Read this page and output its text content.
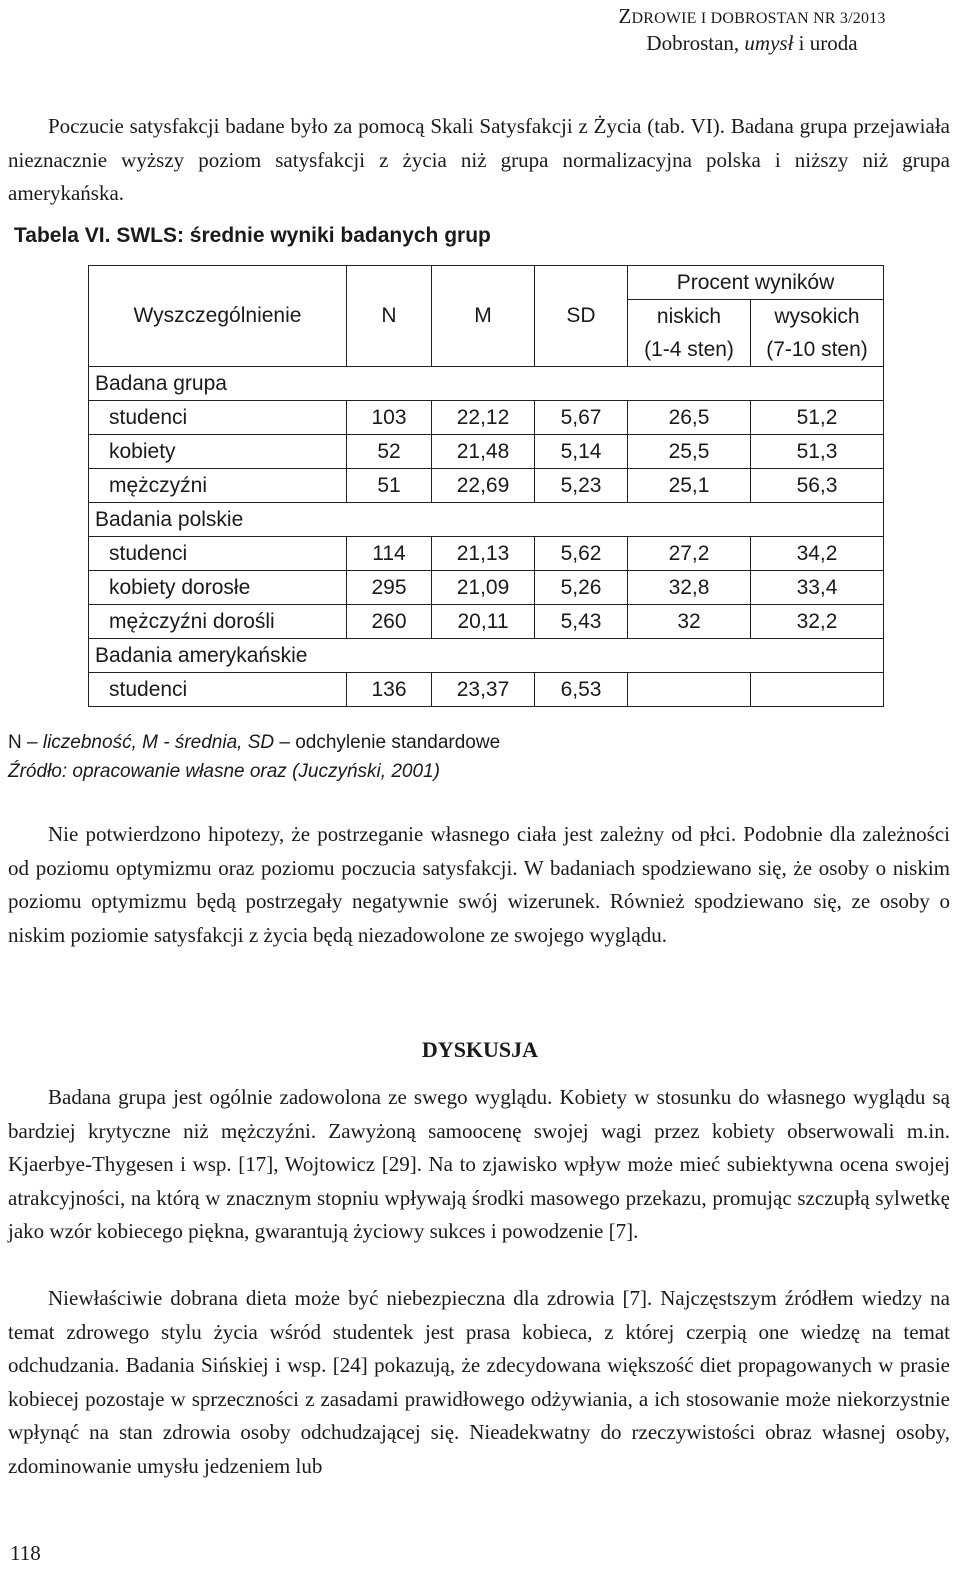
ZDROWIE I DOBROSTAN NR 3/2013
Dobrostan, umysł i uroda

Poczucie satysfakcji badane było za pomocą Skali Satysfakcji z Życia (tab. VI). Badana grupa przejawiała nieznacznie wyższy poziom satysfakcji z życia niż grupa normalizacyjna polska i niższy niż grupa amerykańska.

Tabela VI. SWLS: średnie wyniki badanych grup
Wyszczególnienie	N	M	SD	Procent wyników	
				niskich	wysokich
				(1-4 sten)	(7-10 sten)
Badana grupa					
studenci	103	22,12	5,67	26,5	51,2
kobiety	52	21,48	5,14	25,5	51,3
mężczyźni	51	22,69	5,23	25,1	56,3
Badania polskie					
studenci	114	21,13	5,62	27,2	34,2
kobiety dorosłe	295	21,09	5,26	32,8	33,4
mężczyźni dorośli	260	20,11	5,43	32	32,2
Badania amerykańskie					
studenci	136	23,37	6,53		
N – liczebność, M - średnia, SD – odchylenie standardowe
Źródło: opracowanie własne oraz (Juczyński, 2001)

Nie potwierdzono hipotezy, że postrzeganie własnego ciała jest zależny od płci. Podobnie dla zależności od poziomu optymizmu oraz poziomu poczucia satysfakcji. W badaniach spodziewano się, że osoby o niskim poziomu optymizmu będą postrzegały negatywnie swój wizerunek. Również spodziewano się, ze osoby o niskim poziomie satysfakcji z życia będą niezadowolone ze swojego wyglądu.

DYSKUSJA

Badana grupa jest ogólnie zadowolona ze swego wyglądu. Kobiety w stosunku do własnego wyglądu są bardziej krytyczne niż mężczyźni. Zawyżoną samoocenę swojej wagi przez kobiety obserwowali m.in. Kjaerbye-Thygesen i wsp. [17], Wojtowicz [29]. Na to zjawisko wpływ może mieć subiektywna ocena swojej atrakcyjności, na którą w znacznym stopniu wpływają środki masowego przekazu, promując szczupłą sylwetkę jako wzór kobiecego piękna, gwarantują życiowy sukces i powodzenie [7].

Niewłaściwie dobrana dieta może być niebezpieczna dla zdrowia [7]. Najczęstszym źródłem wiedzy na temat zdrowego stylu życia wśród studentek jest prasa kobieca, z której czerpią one wiedzę na temat odchudzania. Badania Sińskiej i wsp. [24] pokazują, że zdecydowana większość diet propagowanych w prasie kobiecej pozostaje w sprzeczności z zasadami prawidłowego odżywiania, a ich stosowanie może niekorzystnie wpłynąć na stan zdrowia osoby odchudzającej się. Nieadekwatny do rzeczywistości obraz własnej osoby, zdominowanie umysłu jedzeniem lub

118
